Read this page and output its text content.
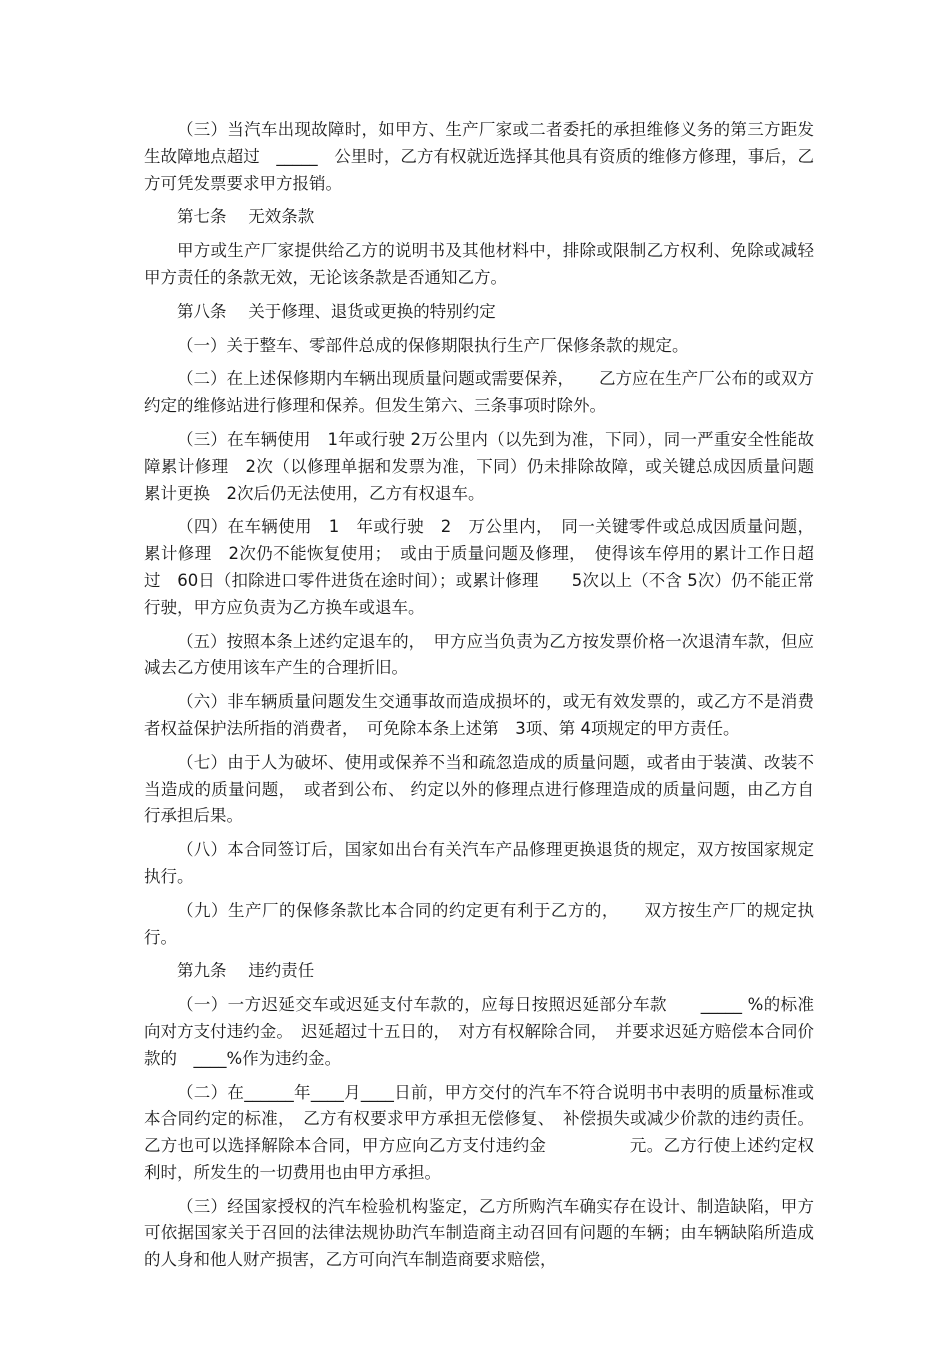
（三）当汽车出现故障时，如甲方、生产厂家或二者委托的承担维修义务的第三方距发生故障地点超过　_____　公里时，乙方有权就近选择其他具有资质的维修方修理，事后，乙方可凭发票要求甲方报销。

第七条　 无效条款

甲方或生产厂家提供给乙方的说明书及其他材料中，排除或限制乙方权利、免除或减轻甲方责任的条款无效，无论该条款是否通知乙方。

第八条　 关于修理、退货或更换的特别约定

（一）关于整车、零部件总成的保修期限执行生产厂保修条款的规定。

（二）在上述保修期内车辆出现质量问题或需要保养，　　乙方应在生产厂公布的或双方约定的维修站进行修理和保养。但发生第六、三条事项时除外。

（三）在车辆使用　1年或行驶 2万公里内（以先到为准，下同），同一严重安全性能故障累计修理　2次（以修理单据和发票为准，下同）仍未排除故障，或关键总成因质量问题累计更换　2次后仍无法使用，乙方有权退车。

（四）在车辆使用　1　年或行驶　2　万公里内，　同一关键零件或总成因质量问题，累计修理　2次仍不能恢复使用；　或由于质量问题及修理，　使得该车停用的累计工作日超过　60日（扣除进口零件进货在途时间）；或累计修理　　5次以上（不含 5次）仍不能正常行驶，甲方应负责为乙方换车或退车。

（五）按照本条上述约定退车的，　甲方应当负责为乙方按发票价格一次退清车款，但应减去乙方使用该车产生的合理折旧。

（六）非车辆质量问题发生交通事故而造成损坏的，或无有效发票的，或乙方不是消费者权益保护法所指的消费者，　可免除本条上述第　3项、第 4项规定的甲方责任。

（七）由于人为破坏、使用或保养不当和疏忽造成的质量问题，或者由于装潢、改装不当造成的质量问题，　或者到公布、 约定以外的修理点进行修理造成的质量问题，由乙方自行承担后果。

（八）本合同签订后，国家如出台有关汽车产品修理更换退货的规定，双方按国家规定执行。

（九）生产厂的保修条款比本合同的约定更有利于乙方的，　　双方按生产厂的规定执行。

第九条　 违约责任

（一）一方迟延交车或迟延支付车款的，应每日按照迟延部分车款　　_____ %的标准向对方支付违约金。　迟延超过十五日的，　对方有权解除合同，　并要求迟延方赔偿本合同价款的　____%作为违约金。

（二）在______年____月____日前，甲方交付的汽车不符合说明书中表明的质量标准或本合同约定的标准，　乙方有权要求甲方承担无偿修复、　补偿损失或减少价款的违约责任。乙方也可以选择解除本合同，甲方应向乙方支付违约金　　　　　元。乙方行使上述约定权利时，所发生的一切费用也由甲方承担。

（三）经国家授权的汽车检验机构鉴定，乙方所购汽车确实存在设计、制造缺陷，甲方可依据国家关于召回的法律法规协助汽车制造商主动召回有问题的车辆；由车辆缺陷所造成的人身和他人财产损害，乙方可向汽车制造商要求赔偿，
